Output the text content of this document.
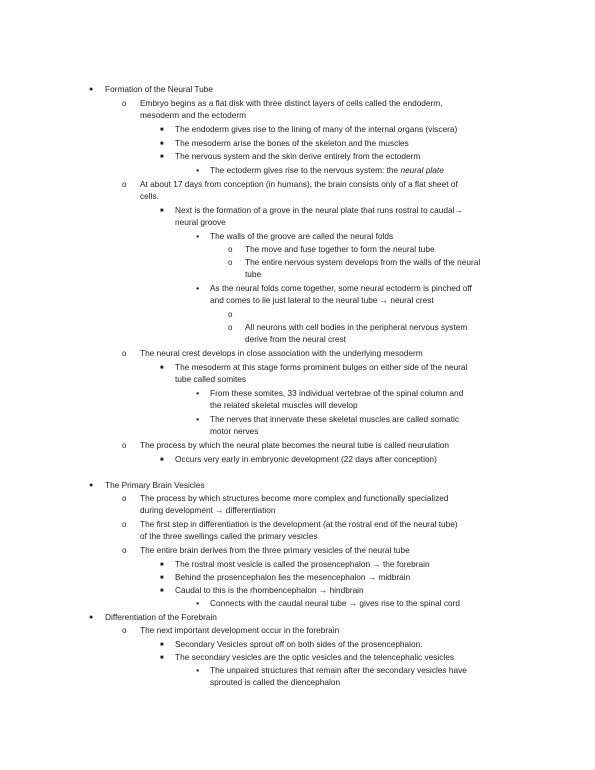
● Formation of the Neural Tube
o Embryo begins as a flat disk with three distinct layers of cells called the endoderm,
mesoderm and the ectoderm
■ The endoderm gives rise to the lining of many of the internal organs (viscera)
■ The mesoderm arise the bones of the skeleton and the muscles
■ The nervous system and the skin derive entirely from the ectoderm
● The ectoderm gives rise to the nervous system: the neural plate
o At about 17 days from conception (in humans), the brain consists only of a flat sheet of
cells.
■ Next is the formation of a grove in the neural plate that runs rostral to caudal→
neural groove
● The walls of the groove are called the neural folds
o The move and fuse together to form the neural tube
o The entire nervous system develops from the walls of the neural
tube
● As the neural folds come together, some neural ectoderm is pinched off
and comes to lie just lateral to the neural tube → neural crest
o
o All neurons with cell bodies in the peripheral nervous system
derive from the neural crest
o The neural crest develops in close association with the underlying mesoderm
■ The mesoderm at this stage forms prominent bulges on either side of the neural
tube called somites
● From these somites, 33 individual vertebrae of the spinal column and
the related skeletal muscles will develop
● The nerves that innervate these skeletal muscles are called somatic
motor nerves
o The process by which the neural plate becomes the neural tube is called neurulation
■ Occurs very early in embryonic development (22 days after conception)
● The Primary Brain Vesicles
o The process by which structures become more complex and functionally specialized
during development → differentiation
o The first step in differentiation is the development (at the rostral end of the neural tube)
of the three swellings called the primary vesicles
o The entire brain derives from the three primary vesicles of the neural tube
■ The rostral most vesicle is called the prosencephalon → the forebrain
■ Behind the prosencephalon lies the mesencephalon → midbrain
■ Caudal to this is the rhombencephalon → hindbrain
● Connects with the caudal neural tube → gives rise to the spinal cord
● Differentiation of the Forebrain
o The next important development occur in the forebrain
■ Secondary Vesicles sprout off on both sides of the prosencephalon.
■ The secondary vesicles are the optic vesicles and the telencephalic vesicles
● The unpaired structures that remain after the secondary vesicles have
sprouted is called the diencephalon
